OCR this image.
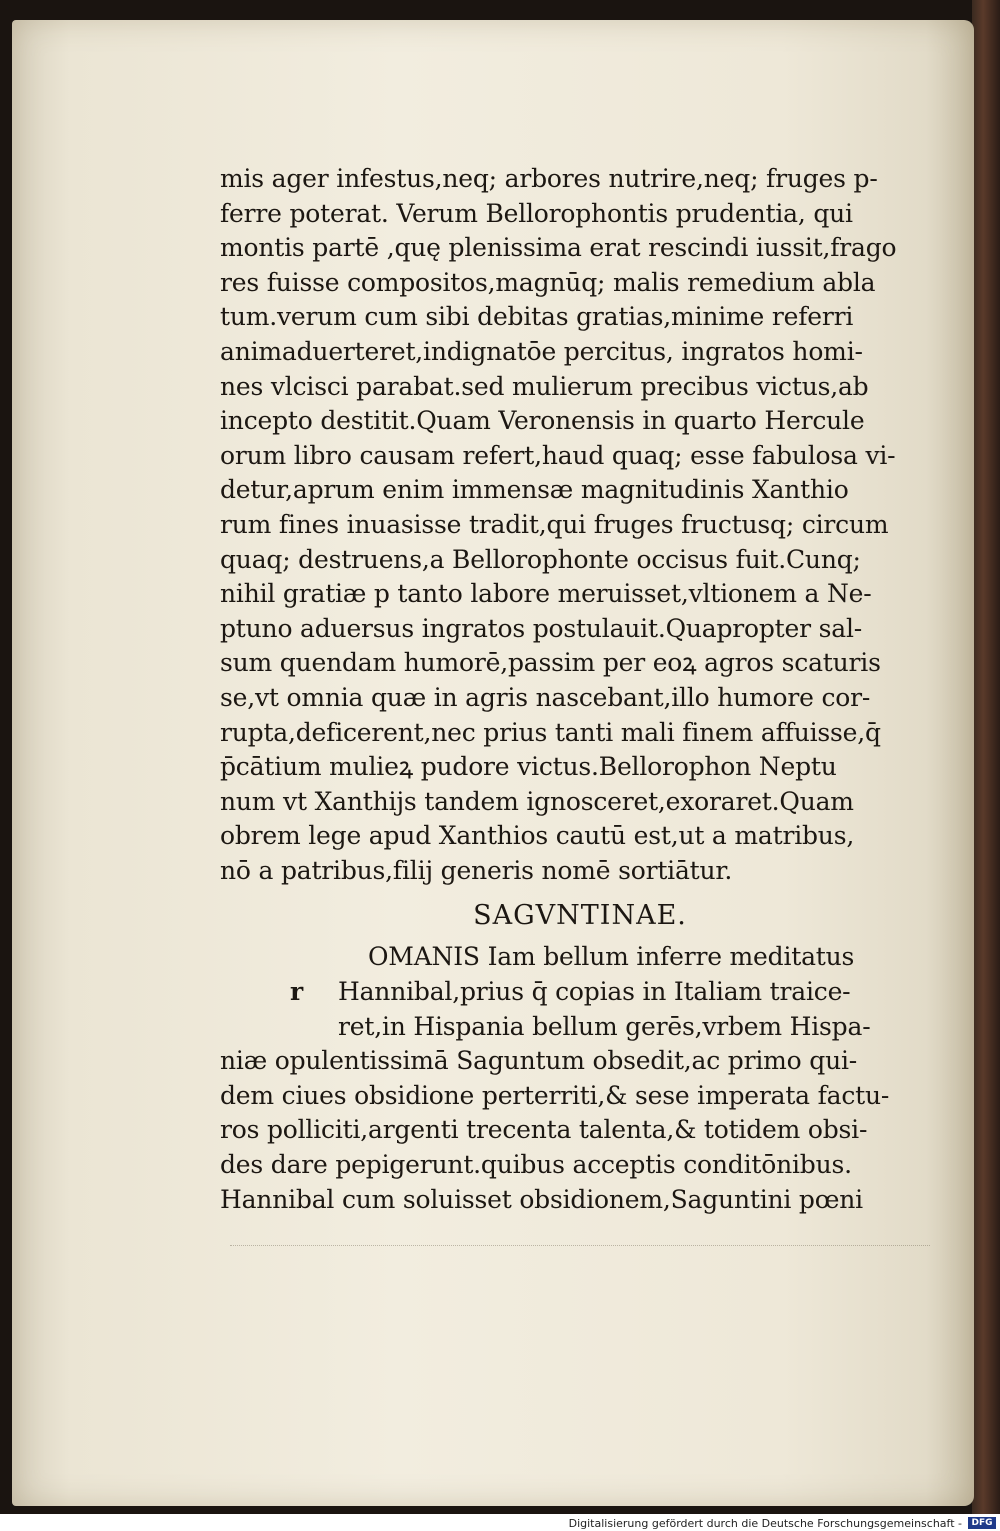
mis ager infestus,neq; arbores nutrire,neq; fruges p-
ferre poterat. Verum Bellorophontis prudentia, qui
montis partē ,quę plenissima erat rescindi iussit,frago
res fuisse compositos,magnūq; malis remedium abla
tum.verum cum sibi debitas gratias,minime referri
animaduerteret,indignatōe percitus, ingratos homi-
nes vlcisci parabat.sed mulierum precibus victus,ab
incepto destitit.Quam Veronensis in quarto Hercule
orum libro causam refert,haud quaq; esse fabulosa vi-
detur,aprum enim immensæ magnitudinis Xanthio
rum fines inuasisse tradit,qui fruges fructusq; circum
quaq; destruens,a Bellorophonte occisus fuit.Cunq;
nihil gratiæ p tanto labore meruisset,vltionem a Ne-
ptuno aduersus ingratos postulauit.Quapropter sal-
sum quendam humorē,passim per eoꝝ agros scaturis
se,vt omnia quæ in agris nascebant,illo humore cor-
rupta,deficerent,nec prius tanti mali finem affuisse,q̄
p̄cātium mulieꝝ pudore victus.Bellorophon Neptu
num vt Xanthijs tandem ignosceret,exoraret.Quam
obrem lege apud Xanthios cautū est,ut a matribus,
nō a patribus,filij generis nomē sortiātur.
SAGVNTINAE.
OMANIS Iam bellum inferre meditatus
r Hannibal,prius q̄ copias in Italiam traice-
ret,in Hispania bellum gerēs,vrbem Hispa-
niæ opulentissimā Saguntum obsedit,ac primo qui-
dem ciues obsidione perterriti,& sese imperata factu-
ros polliciti,argenti trecenta talenta,& totidem obsi-
des dare pepigerunt.quibus acceptis conditōnibus.
Hannibal cum soluisset obsidionem,Saguntini pœni
Digitalisierung gefördert durch die Deutsche Forschungsgemeinschaft -	DFG
